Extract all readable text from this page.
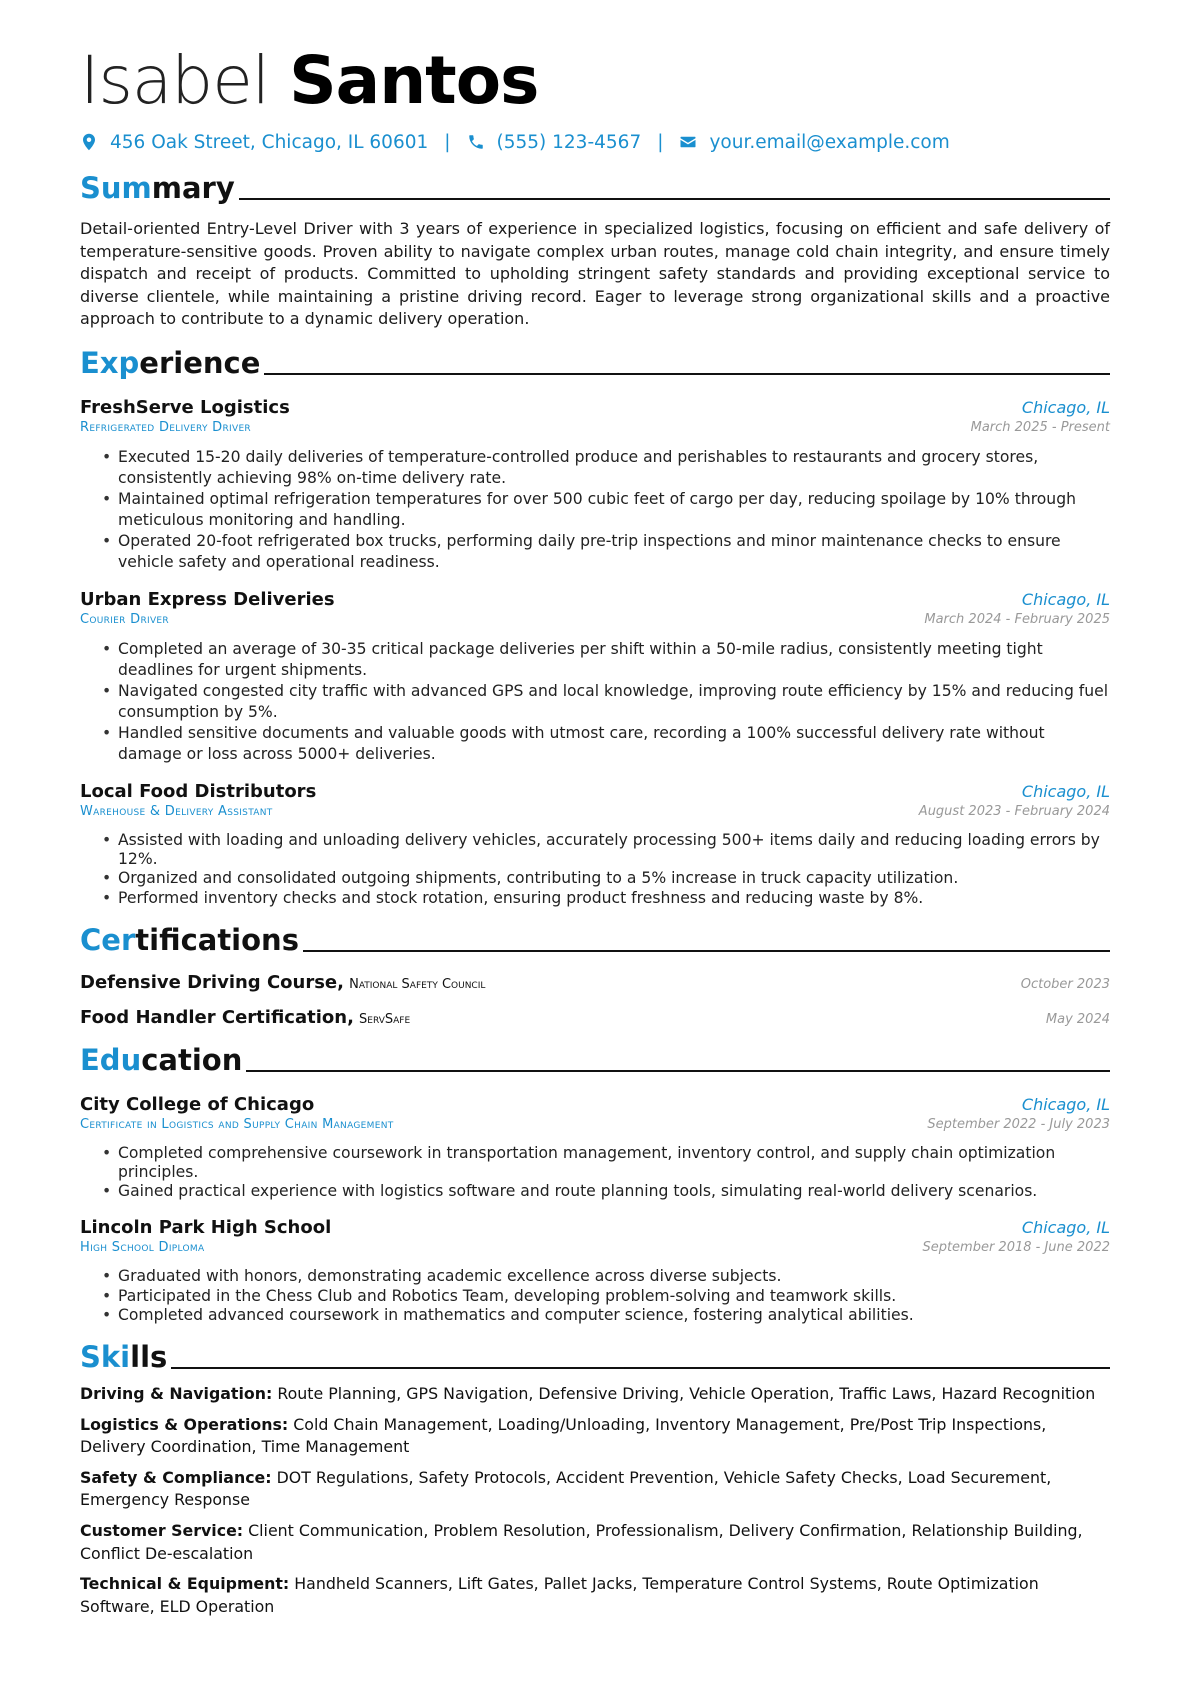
Isabel Santos
456 Oak Street, Chicago, IL 60601 | (555) 123-4567 | your.email@example.com
Summary

Detail-oriented Entry-Level Driver with 3 years of experience in specialized logistics, focusing on efficient and safe delivery of temperature-sensitive goods. Proven ability to navigate complex urban routes, manage cold chain integrity, and ensure timely dispatch and receipt of products. Committed to upholding stringent safety standards and providing exceptional service to diverse clientele, while maintaining a pristine driving record. Eager to leverage strong organizational skills and a proactive approach to contribute to a dynamic delivery operation.

Experience
FreshServe Logistics	Chicago, IL
Refrigerated Delivery Driver	March 2025 - Present
• Executed 15-20 daily deliveries of temperature-controlled produce and perishables to restaurants and grocery stores, consistently achieving 98% on-time delivery rate.
• Maintained optimal refrigeration temperatures for over 500 cubic feet of cargo per day, reducing spoilage by 10% through meticulous monitoring and handling.
• Operated 20-foot refrigerated box trucks, performing daily pre-trip inspections and minor maintenance checks to ensure vehicle safety and operational readiness.
Urban Express Deliveries	Chicago, IL
Courier Driver	March 2024 - February 2025
• Completed an average of 30-35 critical package deliveries per shift within a 50-mile radius, consistently meeting tight deadlines for urgent shipments.
• Navigated congested city traffic with advanced GPS and local knowledge, improving route efficiency by 15% and reducing fuel consumption by 5%.
• Handled sensitive documents and valuable goods with utmost care, recording a 100% successful delivery rate without damage or loss across 5000+ deliveries.
Local Food Distributors	Chicago, IL
Warehouse & Delivery Assistant	August 2023 - February 2024
• Assisted with loading and unloading delivery vehicles, accurately processing 500+ items daily and reducing loading errors by 12%.
• Organized and consolidated outgoing shipments, contributing to a 5% increase in truck capacity utilization.
• Performed inventory checks and stock rotation, ensuring product freshness and reducing waste by 8%.
Certifications
Defensive Driving Course, National Safety Council	October 2023
Food Handler Certification, ServSafe	May 2024
Education
City College of Chicago	Chicago, IL
Certificate in Logistics and Supply Chain Management	September 2022 - July 2023
• Completed comprehensive coursework in transportation management, inventory control, and supply chain optimization principles.
• Gained practical experience with logistics software and route planning tools, simulating real-world delivery scenarios.
Lincoln Park High School	Chicago, IL
High School Diploma	September 2018 - June 2022
• Graduated with honors, demonstrating academic excellence across diverse subjects.
• Participated in the Chess Club and Robotics Team, developing problem-solving and teamwork skills.
• Completed advanced coursework in mathematics and computer science, fostering analytical abilities.
Skills

Driving & Navigation: Route Planning, GPS Navigation, Defensive Driving, Vehicle Operation, Traffic Laws, Hazard Recognition

Logistics & Operations: Cold Chain Management, Loading/Unloading, Inventory Management, Pre/Post Trip Inspections, Delivery Coordination, Time Management

Safety & Compliance: DOT Regulations, Safety Protocols, Accident Prevention, Vehicle Safety Checks, Load Securement, Emergency Response

Customer Service: Client Communication, Problem Resolution, Professionalism, Delivery Confirmation, Relationship Building, Conflict De-escalation

Technical & Equipment: Handheld Scanners, Lift Gates, Pallet Jacks, Temperature Control Systems, Route Optimization Software, ELD Operation
